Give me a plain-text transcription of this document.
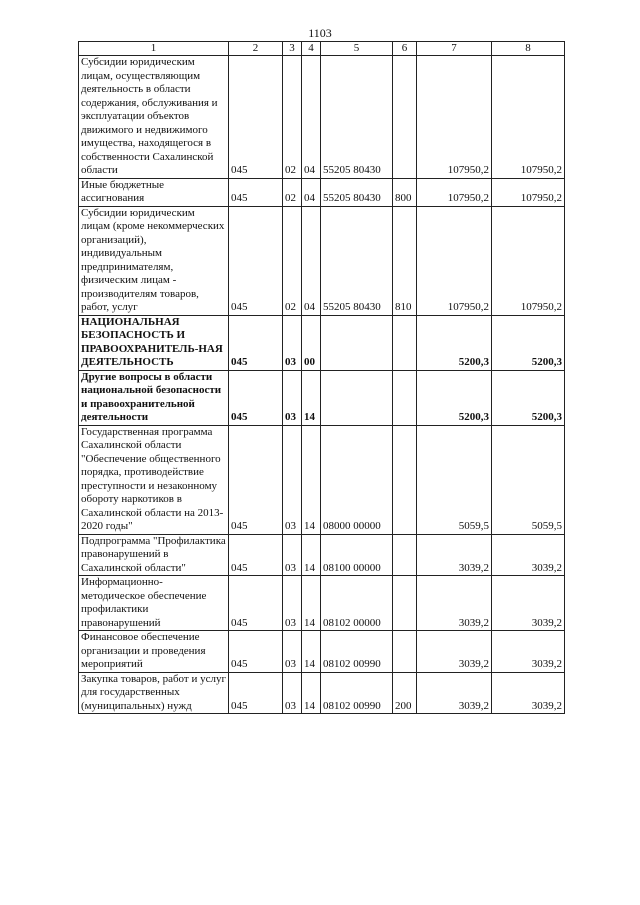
1103
1	2	3	4	5	6	7	8
Субсидии юридическим лицам, осуществляющим деятельность в области содержания, обслуживания и эксплуатации объектов движимого и недвижимого имущества, находящегося в собственности Сахалинской области	045	02	04	55205 80430		107950,2	107950,2
Иные бюджетные ассигнования	045	02	04	55205 80430	800	107950,2	107950,2
Субсидии юридическим лицам (кроме некоммерческих организаций), индивидуальным предпринимателям, физическим лицам - производителям товаров, работ, услуг	045	02	04	55205 80430	810	107950,2	107950,2
НАЦИОНАЛЬНАЯ БЕЗОПАСНОСТЬ И ПРАВООХРАНИТЕЛЬ-НАЯ ДЕЯТЕЛЬНОСТЬ	045	03	00			5200,3	5200,3
Другие вопросы в области национальной безопасности и правоохранительной деятельности	045	03	14			5200,3	5200,3
Государственная программа Сахалинской области "Обеспечение общественного порядка, противодействие преступности и незаконному обороту наркотиков в Сахалинской области на 2013-2020 годы"	045	03	14	08000 00000		5059,5	5059,5
Подпрограмма "Профилактика правонарушений в Сахалинской области"	045	03	14	08100 00000		3039,2	3039,2
Информационно-методическое обеспечение профилактики правонарушений	045	03	14	08102 00000		3039,2	3039,2
Финансовое обеспечение организации и проведения мероприятий	045	03	14	08102 00990		3039,2	3039,2
Закупка товаров, работ и услуг для государственных (муниципальных) нужд	045	03	14	08102 00990	200	3039,2	3039,2
